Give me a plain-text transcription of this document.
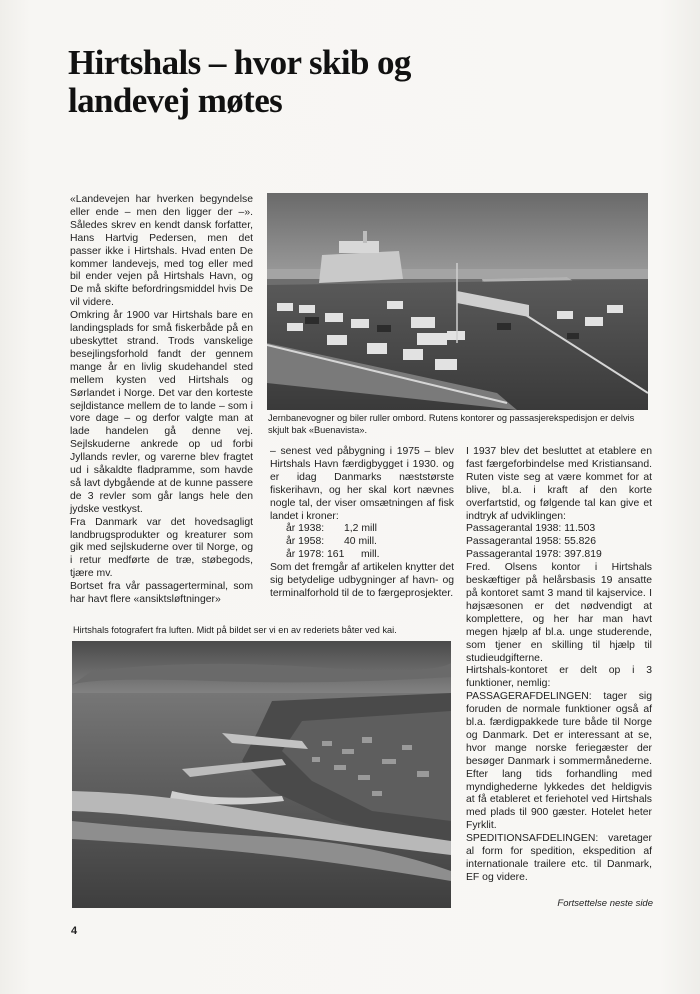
Hirtshals – hvor skib og
landevej møtes

«Landevejen har hverken begyndelse eller ende – men den ligger der –». Således skrev en kendt dansk forfatter, Hans Hartvig Pedersen, men det passer ikke i Hirtshals. Hvad enten De kommer landevejs, med tog eller med bil ender vejen på Hirtshals Havn, og De må skifte befordringsmiddel hvis De vil videre.

Omkring år 1900 var Hirtshals bare en landingsplads for små fiskerbåde på en ubeskyttet strand. Trods vanskelige besejlingsforhold fandt der gennem mange år en livlig skudehandel sted mellem kysten ved Hirtshals og Sørlandet i Norge. Det var den korteste sejldistance mellem de to lande – som i vore dage – og derfor valgte man at lade handelen gå denne vej. Sejlskuderne ankrede op ud forbi Jyllands revler, og varerne blev fragtet ud i såkaldte fladpramme, som havde så lavt dybgående at de kunne passere de 3 revler som går langs hele den jydske vestkyst.

Fra Danmark var det hovedsagligt landbrugsprodukter og kreaturer som gik med sejlskuderne over til Norge, og i retur medførte de træ, støbegods, tjære mv.

Bortset fra vår passagerterminal, som har havt flere «ansiktsløftninger»

Jernbanevogner og biler ruller ombord. Rutens kontorer og passasjerekspedisjon er delvis skjult bak «Buenavista».

– senest ved påbygning i 1975 – blev Hirtshals Havn færdigbygget i 1930. og er idag Danmarks næststørste fiskerihavn, og her skal kort nævnes nogle tal, der viser omsætningen af fisk landet i kroner:

år 1938: 1,2 mill
år 1958: 40 mill.
år 1978: 161 mill.

Som det fremgår af artikelen knytter det sig betydelige udbygninger af havn- og terminalforhold til de to færgeprosjekter.

Hirtshals fotografert fra luften. Midt på bildet ser vi en av rederiets båter ved kai.

I 1937 blev det besluttet at etablere en fast færgeforbindelse med Kristiansand. Ruten viste seg at være kommet for at blive, bl.a. i kraft af den korte overfartstid, og følgende tal kan give et indtryk af udviklingen:

Passagerantal 1938: 11.503

Passagerantal 1958: 55.826

Passagerantal 1978: 397.819

Fred. Olsens kontor i Hirtshals beskæftiger på helårsbasis 19 ansatte på kontoret samt 3 mand til kajservice. I højsæsonen er det nødvendigt at komplettere, og her har man havt megen hjælp af bl.a. unge studerende, som tjener en skilling til hjælp til studieudgifterne.

Hirtshals-kontoret er delt op i 3 funktioner, nemlig:

PASSAGERAFDELINGEN: tager sig foruden de normale funktioner også af bl.a. færdigpakkede ture både til Norge og Danmark. Det er interessant at se, hvor mange norske feriegæster der besøger Danmark i sommermånederne. Efter lang tids forhandling med myndighederne lykkedes det heldigvis at få etableret et feriehotel ved Hirtshals med plads til 900 gæster. Hotelet heter Fyrklit.

SPEDITIONSAFDELINGEN: varetager al form for spedition, ekspedition af internationale trailere etc. til Danmark, EF og videre.

Fortsettelse neste side
4
